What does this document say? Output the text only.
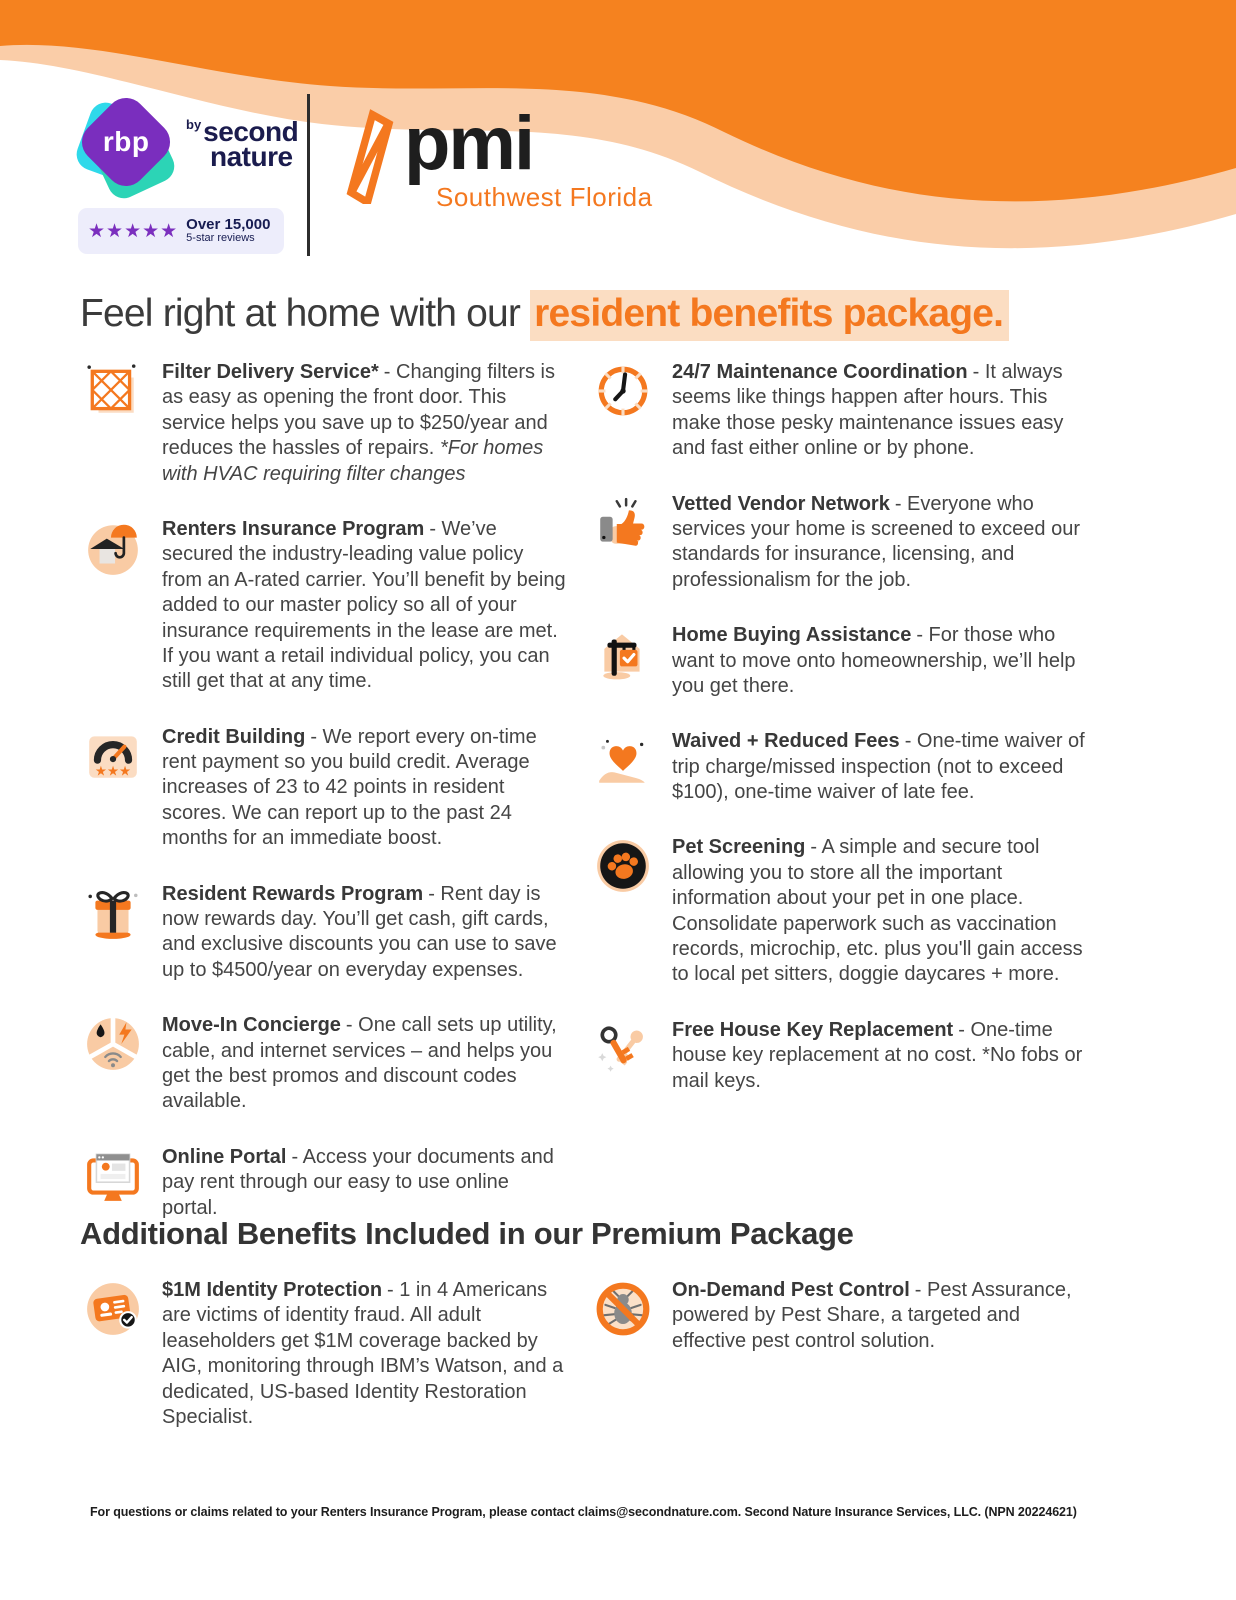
rbp
$^{by}$second
nature
★★★★★ Over 15,000
5-star reviews
pmi
Southwest Florida
Feel right at home with our resident benefits package.

Filter Delivery Service* - Changing filters is as easy as opening the front door. This service helps you save up to $250/year and reduces the hassles of repairs. *For homes with HVAC requiring filter changes

Renters Insurance Program - We’ve secured the industry-leading value policy from an A-rated carrier. You’ll benefit by being added to our master policy so all of your insurance requirements in the lease are met. If you want a retail individual policy, you can still get that at any time.

★★★

Credit Building - We report every on-time rent payment so you build credit. Average increases of 23 to 42 points in resident scores. We can report up to the past 24 months for an immediate boost.

Resident Rewards Program - Rent day is now rewards day. You’ll get cash, gift cards, and exclusive discounts you can use to save up to $4500/year on everyday expenses.

Move-In Concierge - One call sets up utility, cable, and internet services – and helps you get the best promos and discount codes available.

Online Portal - Access your documents and pay rent through our easy to use online portal.

24/7 Maintenance Coordination - It always seems like things happen after hours. This make those pesky maintenance issues easy and fast either online or by phone.

Vetted Vendor Network - Everyone who services your home is screened to exceed our standards for insurance, licensing, and professionalism for the job.

Home Buying Assistance - For those who want to move onto homeownership, we’ll help you get there.

Waived + Reduced Fees - One-time waiver of trip charge/missed inspection (not to exceed $100), one-time waiver of late fee.

Pet Screening - A simple and secure tool allowing you to store all the important information about your pet in one place. Consolidate paperwork such as vaccination records, microchip, etc. plus you'll gain access to local pet sitters, doggie daycares + more.

Free House Key Replacement - One-time house key replacement at no cost. *No fobs or mail keys.

Additional Benefits Included in our Premium Package

$1M Identity Protection - 1 in 4 Americans are victims of identity fraud. All adult leaseholders get $1M coverage backed by AIG, monitoring through IBM’s Watson, and a dedicated, US-based Identity Restoration Specialist.

On-Demand Pest Control - Pest Assurance, powered by Pest Share, a targeted and effective pest control solution.

For questions or claims related to your Renters Insurance Program, please contact claims@secondnature.com. Second Nature Insurance Services, LLC. (NPN 20224621)
